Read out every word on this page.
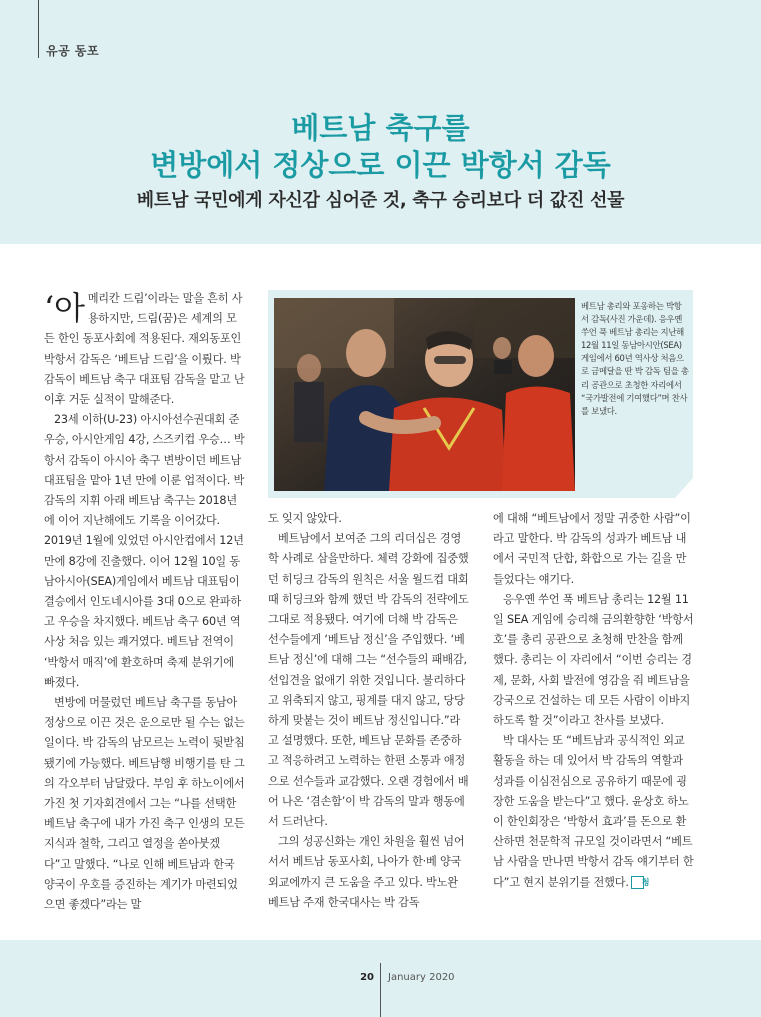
유공 동포
베트남 축구를
변방에서 정상으로 이끈 박항서 감독
베트남 국민에게 자신감 심어준 것, 축구 승리보다 더 값진 선물

‘아메리칸 드림’이라는 말을 흔히 사용하지만, 드림(꿈)은 세계의 모든 한인 동포사회에 적용된다. 재외동포인 박항서 감독은 ‘베트남 드림’을 이뤘다. 박 감독이 베트남 축구 대표팀 감독을 맡고 난 이후 거둔 실적이 말해준다.

23세 이하(U-23) 아시아선수권대회 준우승, 아시안게임 4강, 스즈키컵 우승… 박항서 감독이 아시아 축구 변방이던 베트남 대표팀을 맡아 1년 만에 이룬 업적이다. 박 감독의 지휘 아래 베트남 축구는 2018년에 이어 지난해에도 기록을 이어갔다. 2019년 1월에 있었던 아시안컵에서 12년 만에 8강에 진출했다. 이어 12월 10일 동남아시아(SEA)게임에서 베트남 대표팀이 결승에서 인도네시아를 3대 0으로 완파하고 우승을 차지했다. 베트남 축구 60년 역사상 처음 있는 쾌거였다. 베트남 전역이 ‘박항서 매직’에 환호하며 축제 분위기에 빠졌다.

변방에 머물렀던 베트남 축구를 동남아 정상으로 이끈 것은 운으로만 될 수는 없는 일이다. 박 감독의 남모르는 노력이 뒷받침됐기에 가능했다. 베트남행 비행기를 탄 그의 각오부터 남달랐다. 부임 후 하노이에서 가진 첫 기자회견에서 그는 “나를 선택한 베트남 축구에 내가 가진 축구 인생의 모든 지식과 철학, 그리고 열정을 쏟아붓겠다”고 말했다. “나로 인해 베트남과 한국 양국이 우호를 증진하는 계기가 마련되었으면 좋겠다”라는 말

베트남 총리와 포옹하는 박항서 감독(사진 가운데). 응우옌 쑤언 푹 베트남 총리는 지난해 12월 11일 동남아시안(SEA)게임에서 60년 역사상 처음으로 금메달을 딴 박 감독 팀을 총리 공관으로 초청한 자리에서 “국가발전에 기여했다”며 찬사를 보냈다.

도 잊지 않았다.

베트남에서 보여준 그의 리더십은 경영학 사례로 삼을만하다. 체력 강화에 집중했던 히딩크 감독의 원칙은 서울 월드컵 대회 때 히딩크와 함께 했던 박 감독의 전략에도 그대로 적용됐다. 여기에 더해 박 감독은 선수들에게 ‘베트남 정신’을 주입했다. ‘베트남 정신’에 대해 그는 “선수들의 패배감, 선입견을 없애기 위한 것입니다. 불리하다고 위축되지 않고, 핑계를 대지 않고, 당당하게 맞붙는 것이 베트남 정신입니다.”라고 설명했다. 또한, 베트남 문화를 존중하고 적응하려고 노력하는 한편 소통과 애정으로 선수들과 교감했다. 오랜 경험에서 배어 나온 ‘겸손함’이 박 감독의 말과 행동에서 드러난다.

그의 성공신화는 개인 차원을 훨씬 넘어서서 베트남 동포사회, 나아가 한·베 양국 외교에까지 큰 도움을 주고 있다. 박노완 베트남 주재 한국대사는 박 감독

에 대해 “베트남에서 정말 귀중한 사람”이라고 말한다. 박 감독의 성과가 베트남 내에서 국민적 단합, 화합으로 가는 길을 만들었다는 얘기다.

응우옌 쑤언 푹 베트남 총리는 12월 11일 SEA 게임에 승리해 금의환향한 ‘박항서호’를 총리 공관으로 초청해 만찬을 함께 했다. 총리는 이 자리에서 “이번 승리는 경제, 문화, 사회 발전에 영감을 줘 베트남을 강국으로 건설하는 데 모든 사람이 이바지하도록 할 것”이라고 찬사를 보냈다.

박 대사는 또 “베트남과 공식적인 외교활동을 하는 데 있어서 박 감독의 역할과 성과를 이심전심으로 공유하기 때문에 굉장한 도움을 받는다”고 했다. 윤상호 하노이 한인회장은 ‘박항서 효과’를 돈으로 환산하면 천문학적 규모일 것이라면서 “베트남 사람을 만나면 박항서 감독 얘기부터 한다”고 현지 분위기를 전했다. 청

20 January 2020
